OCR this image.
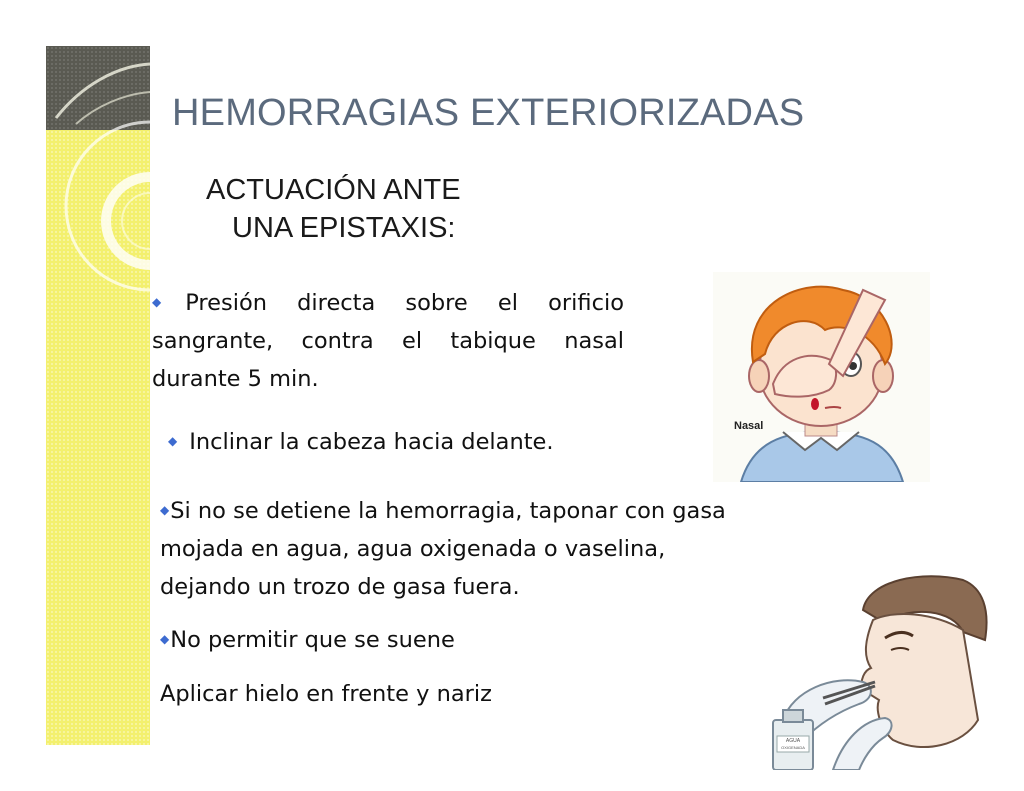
HEMORRAGIAS EXTERIORIZADAS
ACTUACIÓN ANTE
UNA EPISTAXIS:
◆Presión directa sobre el orificio sangrante, contra el tabique nasal durante 5 min.
◆ Inclinar la cabeza hacia delante.
◆Si no se detiene la hemorragia, taponar con gasa
mojada en agua, agua oxigenada o vaselina,
dejando un trozo de gasa fuera.
◆No permitir que se suene
Aplicar hielo en frente y nariz
Nasal
AGUA
OXIGENADA
